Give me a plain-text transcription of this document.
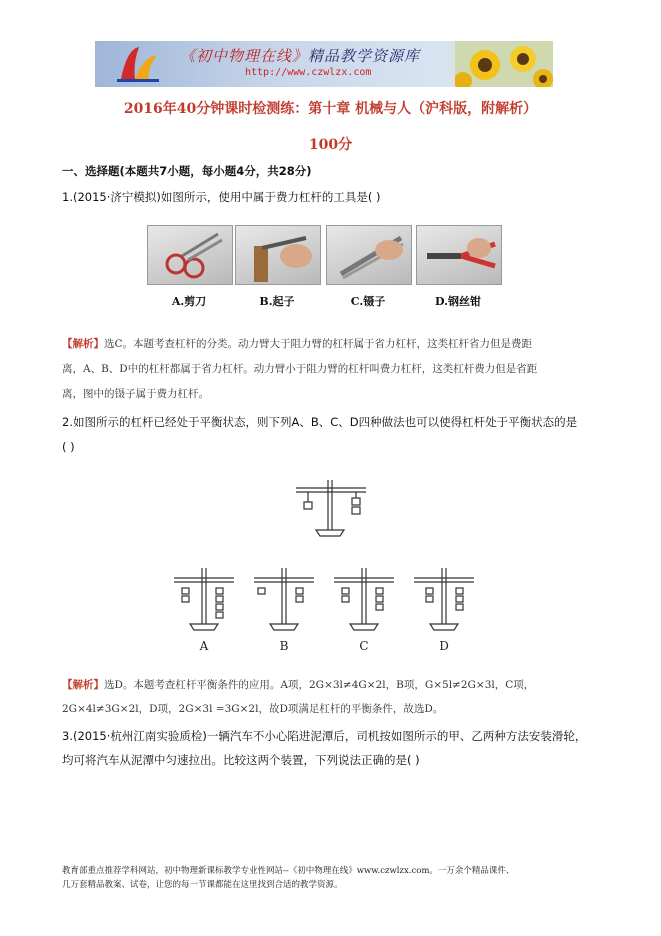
《初中物理在线》精品教学资源库
http://www.czwlzx.com
2016年40分钟课时检测练：第十章 机械与人（沪科版，附解析）
100分
一、选择题(本题共7小题，每小题4分，共28分)
1.(2015·济宁模拟)如图所示，使用中属于费力杠杆的工具是( )
A.剪刀	B.起子	C.镊子	D.钢丝钳
【解析】选C。本题考查杠杆的分类。动力臂大于阻力臂的杠杆属于省力杠杆，这类杠杆省力但是费距
离，A、B、D中的杠杆都属于省力杠杆。动力臂小于阻力臂的杠杆叫费力杠杆，这类杠杆费力但是省距
离，图中的镊子属于费力杠杆。
2.如图所示的杠杆已经处于平衡状态，则下列A、B、C、D四种做法也可以使得杠杆处于平衡状态的是
( )
A	B	C	D
【解析】选D。本题考查杠杆平衡条件的应用。A项，2G×3l≠4G×2l，B项，G×5l≠2G×3l，C项，
2G×4l≠3G×2l，D项，2G×3l =3G×2l，故D项满足杠杆的平衡条件，故选D。
3.(2015·杭州江南实验质检)一辆汽车不小心陷进泥潭后，司机按如图所示的甲、乙两种方法安装滑轮，
均可将汽车从泥潭中匀速拉出。比较这两个装置，下列说法正确的是( )
教育部重点推荐学科网站，初中物理新课标教学专业性网站--《初中物理在线》www.czwlzx.com。一万余个精品课件、
几万套精品教案、试卷，让您的每一节课都能在这里找到合适的教学资源。
